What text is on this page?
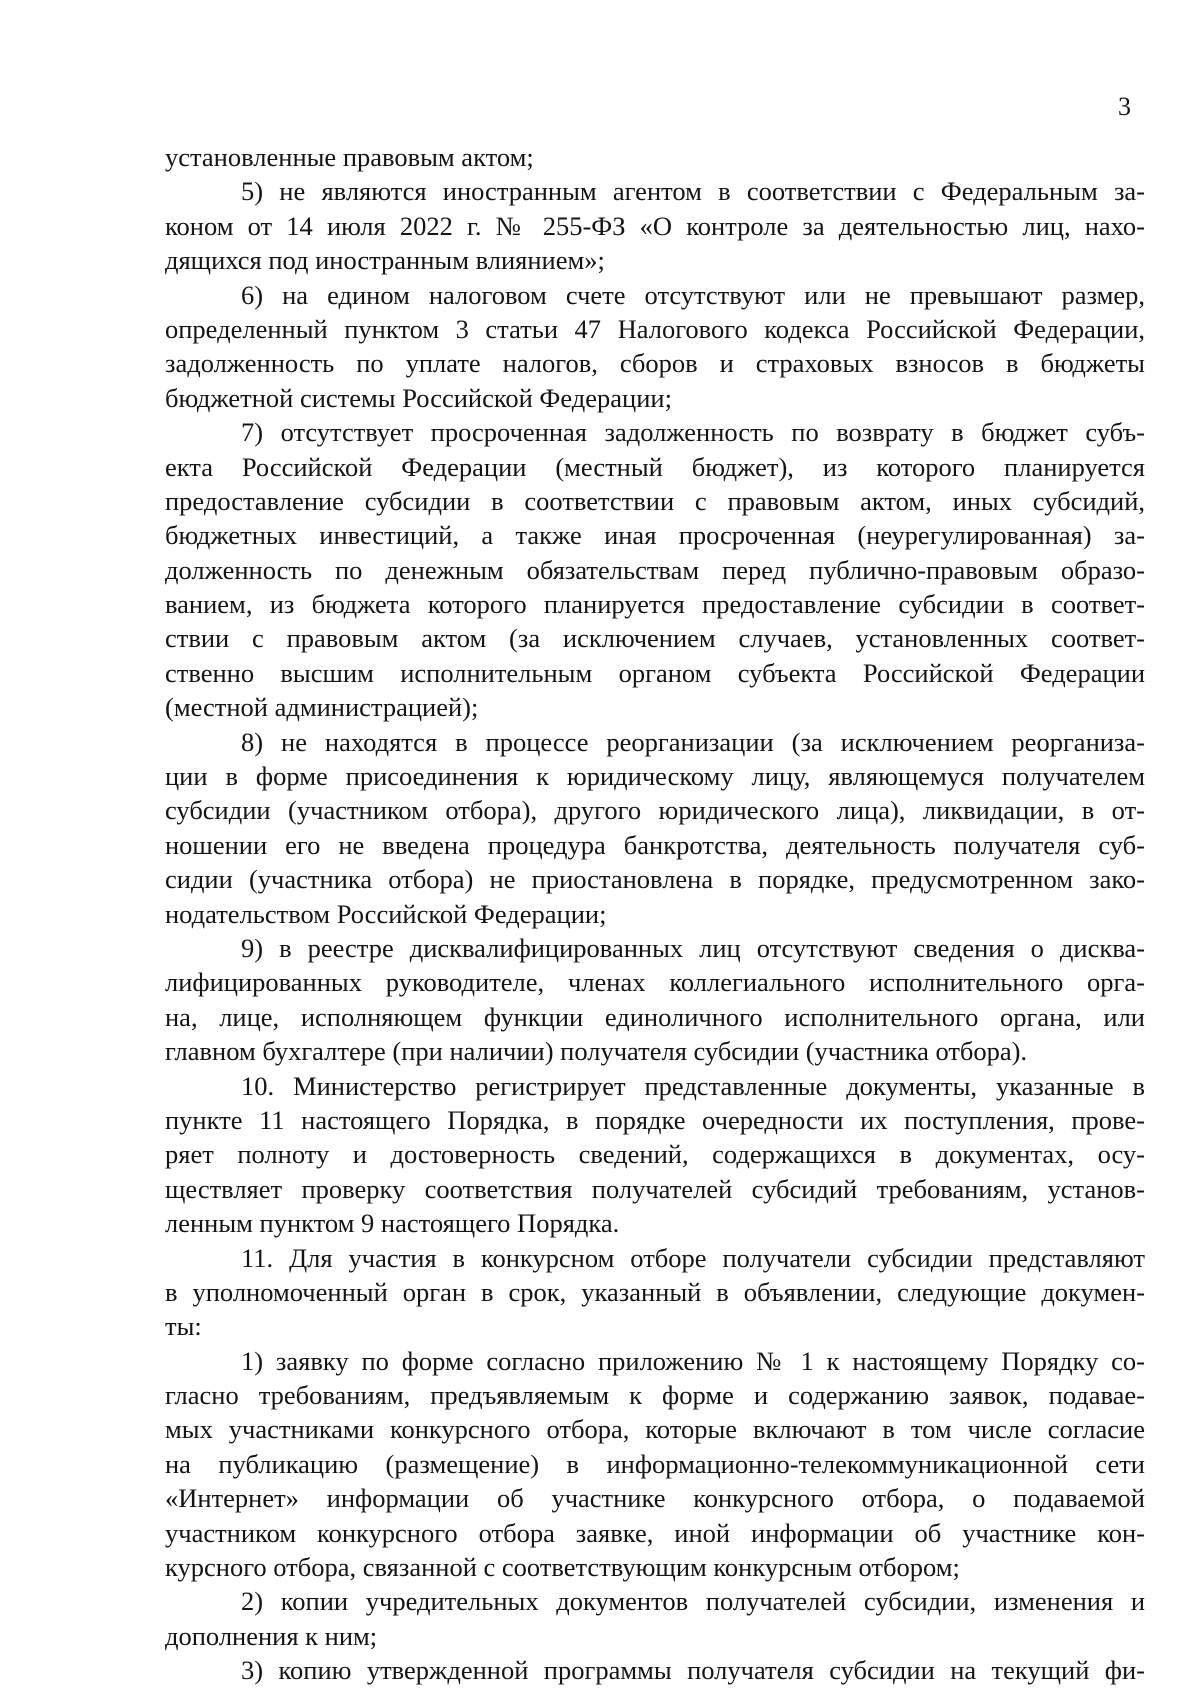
3
установленные правовым актом;
5) не являются иностранным агентом в соответствии с Федеральным за-
коном от 14 июля 2022 г. № 255-ФЗ «О контроле за деятельностью лиц, нахо-
дящихся под иностранным влиянием»;
6) на едином налоговом счете отсутствуют или не превышают размер,
определенный пунктом 3 статьи 47 Налогового кодекса Российской Федерации,
задолженность по уплате налогов, сборов и страховых взносов в бюджеты
бюджетной системы Российской Федерации;
7) отсутствует просроченная задолженность по возврату в бюджет субъ-
екта Российской Федерации (местный бюджет), из которого планируется
предоставление субсидии в соответствии с правовым актом, иных субсидий,
бюджетных инвестиций, а также иная просроченная (неурегулированная) за-
долженность по денежным обязательствам перед публично-правовым образо-
ванием, из бюджета которого планируется предоставление субсидии в соответ-
ствии с правовым актом (за исключением случаев, установленных соответ-
ственно высшим исполнительным органом субъекта Российской Федерации
(местной администрацией);
8) не находятся в процессе реорганизации (за исключением реорганиза-
ции в форме присоединения к юридическому лицу, являющемуся получателем
субсидии (участником отбора), другого юридического лица), ликвидации, в от-
ношении его не введена процедура банкротства, деятельность получателя суб-
сидии (участника отбора) не приостановлена в порядке, предусмотренном зако-
нодательством Российской Федерации;
9) в реестре дисквалифицированных лиц отсутствуют сведения о дисква-
лифицированных руководителе, членах коллегиального исполнительного орга-
на, лице, исполняющем функции единоличного исполнительного органа, или
главном бухгалтере (при наличии) получателя субсидии (участника отбора).
10. Министерство регистрирует представленные документы, указанные в
пункте 11 настоящего Порядка, в порядке очередности их поступления, прове-
ряет полноту и достоверность сведений, содержащихся в документах, осу-
ществляет проверку соответствия получателей субсидий требованиям, установ-
ленным пунктом 9 настоящего Порядка.
11. Для участия в конкурсном отборе получатели субсидии представляют
в уполномоченный орган в срок, указанный в объявлении, следующие докумен-
ты:
1) заявку по форме согласно приложению № 1 к настоящему Порядку со-
гласно требованиям, предъявляемым к форме и содержанию заявок, подавае-
мых участниками конкурсного отбора, которые включают в том числе согласие
на публикацию (размещение) в информационно-телекоммуникационной сети
«Интернет» информации об участнике конкурсного отбора, о подаваемой
участником конкурсного отбора заявке, иной информации об участнике кон-
курсного отбора, связанной с соответствующим конкурсным отбором;
2) копии учредительных документов получателей субсидии, изменения и
дополнения к ним;
3) копию утвержденной программы получателя субсидии на текущий фи-
